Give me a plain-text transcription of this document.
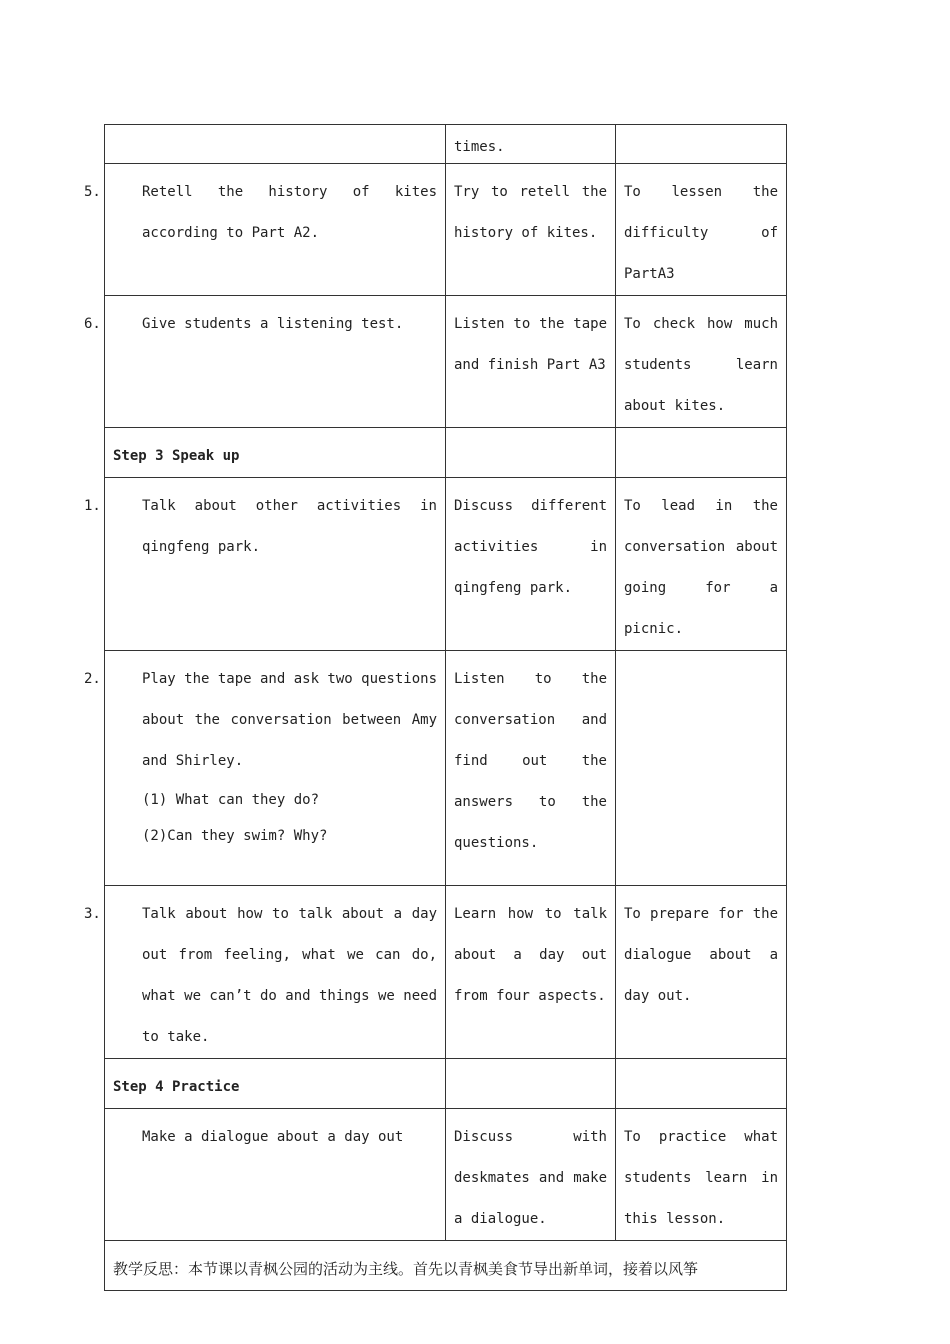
	times.	

5. Retell the history of kites according to Part A2.	Try to retell the history of kites.	To lessen the difficulty of PartA3

6. Give students a listening test.	Listen to the tape and finish Part A3	To check how much students learn about kites.
Step 3 Speak up		

1. Talk about other activities in qingfeng park.	Discuss different activities in qingfeng park.	To lead in the conversation about going for a picnic.

2. Play the tape and ask two questions about the conversation between Amy and Shirley.
(1) What can they do?
(2)Can they swim? Why?	Listen to the conversation and find out the answers to the questions.	

3. Talk about how to talk about a day out from feeling, what we can do, what we can’t do and things we need to take.	Learn how to talk about a day out from four aspects.	To prepare for the dialogue about a day out.
Step 4 Practice		

Make a dialogue about a day out	Discuss with deskmates and make a dialogue.	To practice what students learn in this lesson.
教学反思：本节课以青枫公园的活动为主线。首先以青枫美食节导出新单词，接着以风筝		
